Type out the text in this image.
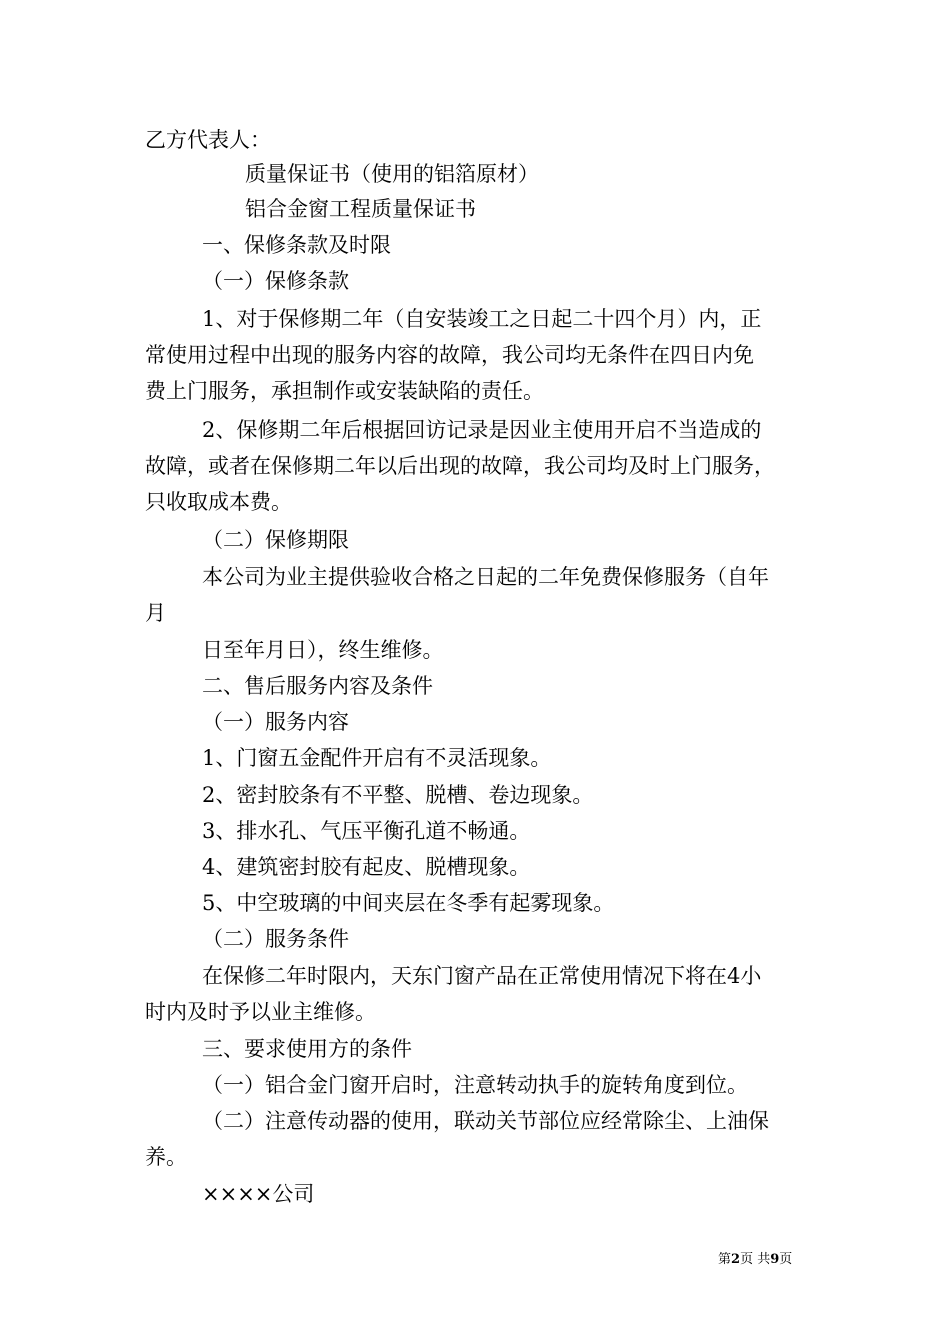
乙方代表人：

质量保证书（使用的铝箔原材）

铝合金窗工程质量保证书

一、保修条款及时限

（一）保修条款

1、对于保修期二年（自安装竣工之日起二十四个月）内，正

常使用过程中出现的服务内容的故障，我公司均无条件在四日内免

费上门服务，承担制作或安装缺陷的责任。

2、保修期二年后根据回访记录是因业主使用开启不当造成的

故障，或者在保修期二年以后出现的故障，我公司均及时上门服务，

只收取成本费。

（二）保修期限

本公司为业主提供验收合格之日起的二年免费保修服务（自年

月

日至年月日），终生维修。

二、售后服务内容及条件

（一）服务内容

1、门窗五金配件开启有不灵活现象。

2、密封胶条有不平整、脱槽、卷边现象。

3、排水孔、气压平衡孔道不畅通。

4、建筑密封胶有起皮、脱槽现象。

5、中空玻璃的中间夹层在冬季有起雾现象。

（二）服务条件

在保修二年时限内，天东门窗产品在正常使用情况下将在4小

时内及时予以业主维修。

三、要求使用方的条件

（一）铝合金门窗开启时，注意转动执手的旋转角度到位。

（二）注意传动器的使用，联动关节部位应经常除尘、上油保

养。

××××公司

第2页 共9页
